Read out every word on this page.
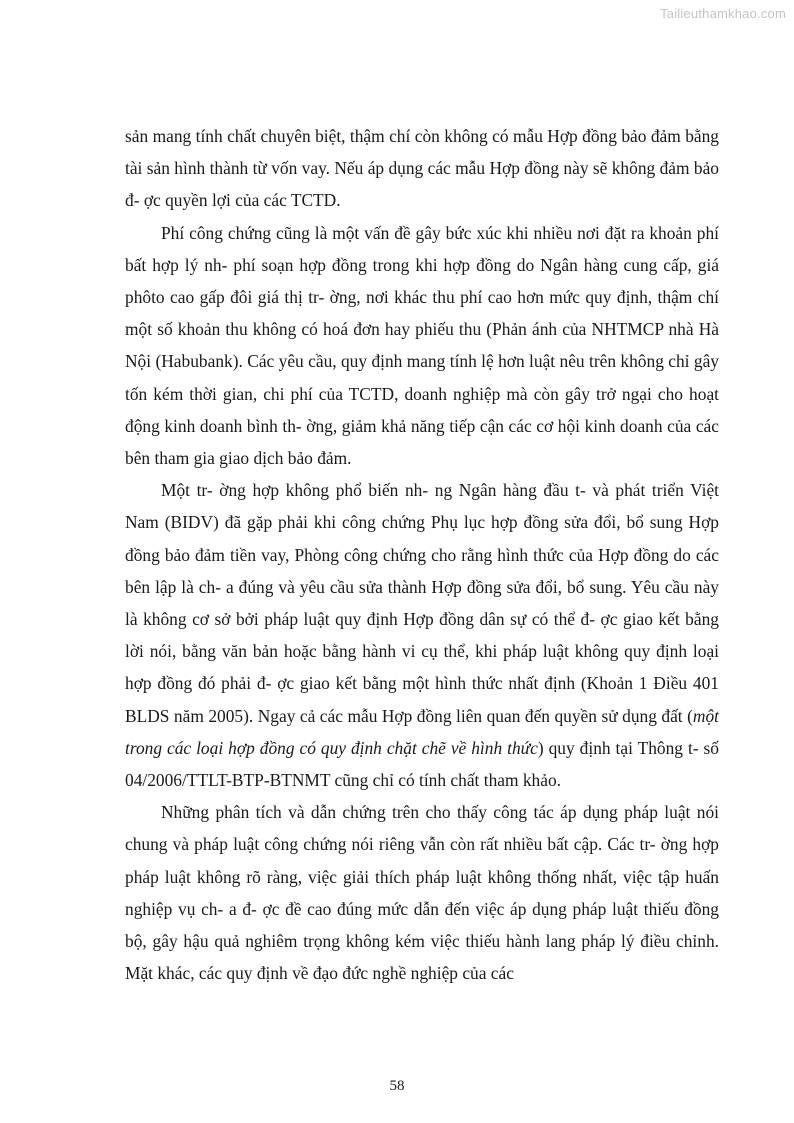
Tailieuthamkhao.com

sản mang tính chất chuyên biệt, thậm chí còn không có mẫu Hợp đồng bảo đảm bằng tài sản hình thành từ vốn vay. Nếu áp dụng các mẫu Hợp đồng này sẽ không đảm bảo đ- ợc quyền lợi của các TCTD.

Phí công chứng cũng là một vấn đề gây bức xúc khi nhiều nơi đặt ra khoản phí bất hợp lý nh- phí soạn hợp đồng trong khi hợp đồng do Ngân hàng cung cấp, giá phôto cao gấp đôi giá thị tr- ờng, nơi khác thu phí cao hơn mức quy định, thậm chí một số khoản thu không có hoá đơn hay phiếu thu (Phản ánh của NHTMCP nhà Hà Nội (Habubank). Các yêu cầu, quy định mang tính lệ hơn luật nêu trên không chỉ gây tốn kém thời gian, chi phí của TCTD, doanh nghiệp mà còn gây trở ngại cho hoạt động kinh doanh bình th- ờng, giảm khả năng tiếp cận các cơ hội kinh doanh của các bên tham gia giao dịch bảo đảm.

Một tr- ờng hợp không phổ biến nh- ng Ngân hàng đầu t- và phát triển Việt Nam (BIDV) đã gặp phải khi công chứng Phụ lục hợp đồng sửa đổi, bổ sung Hợp đồng bảo đảm tiền vay, Phòng công chứng cho rằng hình thức của Hợp đồng do các bên lập là ch- a đúng và yêu cầu sửa thành Hợp đồng sửa đổi, bổ sung. Yêu cầu này là không cơ sở bởi pháp luật quy định Hợp đồng dân sự có thể đ- ợc giao kết bằng lời nói, bằng văn bản hoặc bằng hành vi cụ thể, khi pháp luật không quy định loại hợp đồng đó phải đ- ợc giao kết bằng một hình thức nhất định (Khoản 1 Điều 401 BLDS năm 2005). Ngay cả các mẫu Hợp đồng liên quan đến quyền sử dụng đất (một trong các loại hợp đồng có quy định chặt chẽ về hình thức) quy định tại Thông t- số 04/2006/TTLT-BTP-BTNMT cũng chỉ có tính chất tham khảo.

Những phân tích và dẫn chứng trên cho thấy công tác áp dụng pháp luật nói chung và pháp luật công chứng nói riêng vẫn còn rất nhiều bất cập. Các tr- ờng hợp pháp luật không rõ ràng, việc giải thích pháp luật không thống nhất, việc tập huấn nghiệp vụ ch- a đ- ợc đề cao đúng mức dẫn đến việc áp dụng pháp luật thiếu đồng bộ, gây hậu quả nghiêm trọng không kém việc thiếu hành lang pháp lý điều chỉnh. Mặt khác, các quy định về đạo đức nghề nghiệp của các

58
